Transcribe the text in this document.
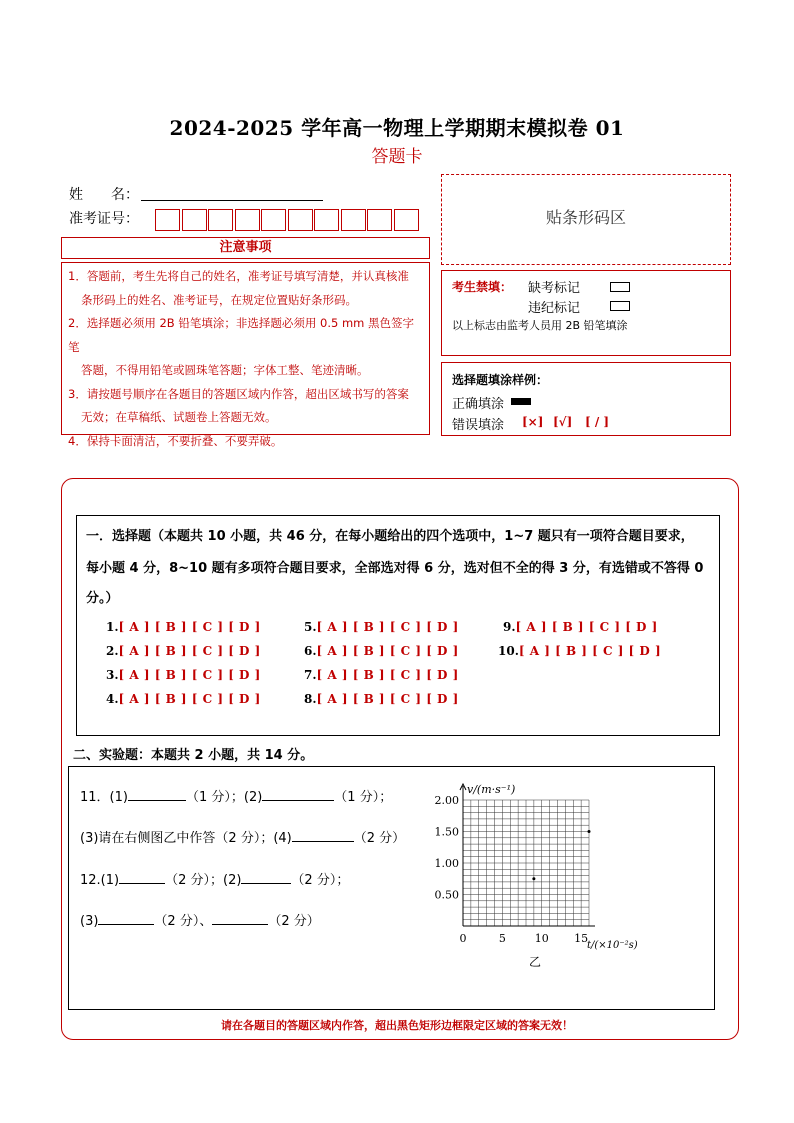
2024-2025 学年高一物理上学期期末模拟卷 01
答题卡
姓　　名：
准考证号：
注意事项
1．答题前，考生先将自己的姓名，准考证号填写清楚，并认真核准
条形码上的姓名、准考证号，在规定位置贴好条形码。
2．选择题必须用 2B 铅笔填涂；非选择题必须用 0.5 mm 黑色签字笔
答题，不得用铅笔或圆珠笔答题；字体工整、笔迹清晰。
3．请按题号顺序在各题目的答题区域内作答，超出区域书写的答案
无效；在草稿纸、试题卷上答题无效。
4．保持卡面清洁，不要折叠、不要弄破。
贴条形码区
考生禁填： 缺考标记
违纪标记
以上标志由监考人员用 2B 铅笔填涂
选择题填涂样例：
正确填涂
错误填涂 [×] [√] [ / ]
一．选择题（本题共 10 小题，共 46 分，在每小题给出的四个选项中，1~7 题只有一项符合题目要求，
每小题 4 分，8~10 题有多项符合题目要求，全部选对得 6 分，选对但不全的得 3 分，有选错或不答得 0
分。）
1.[ A ] [ B ] [ C ] [ D ]
2.[ A ] [ B ] [ C ] [ D ]
3.[ A ] [ B ] [ C ] [ D ]
4.[ A ] [ B ] [ C ] [ D ]
5.[ A ] [ B ] [ C ] [ D ]
6.[ A ] [ B ] [ C ] [ D ]
7.[ A ] [ B ] [ C ] [ D ]
8.[ A ] [ B ] [ C ] [ D ]
9.[ A ] [ B ] [ C ] [ D ]
10.[ A ] [ B ] [ C ] [ D ]
二、实验题：本题共 2 小题，共 14 分。
11．(1)	（1 分）；(2)	（1 分）；
(3)请在右侧图乙中作答（2 分）；(4)	（2 分）
12.(1)	（2 分）；(2)	（2 分）；
(3)	（2 分）、	（2 分）
0.50
1.00
1.50
2.00
0	5	10 15
v/(m·s⁻¹)
t/(×10⁻²s)
乙
请在各题目的答题区域内作答，超出黑色矩形边框限定区域的答案无效！
